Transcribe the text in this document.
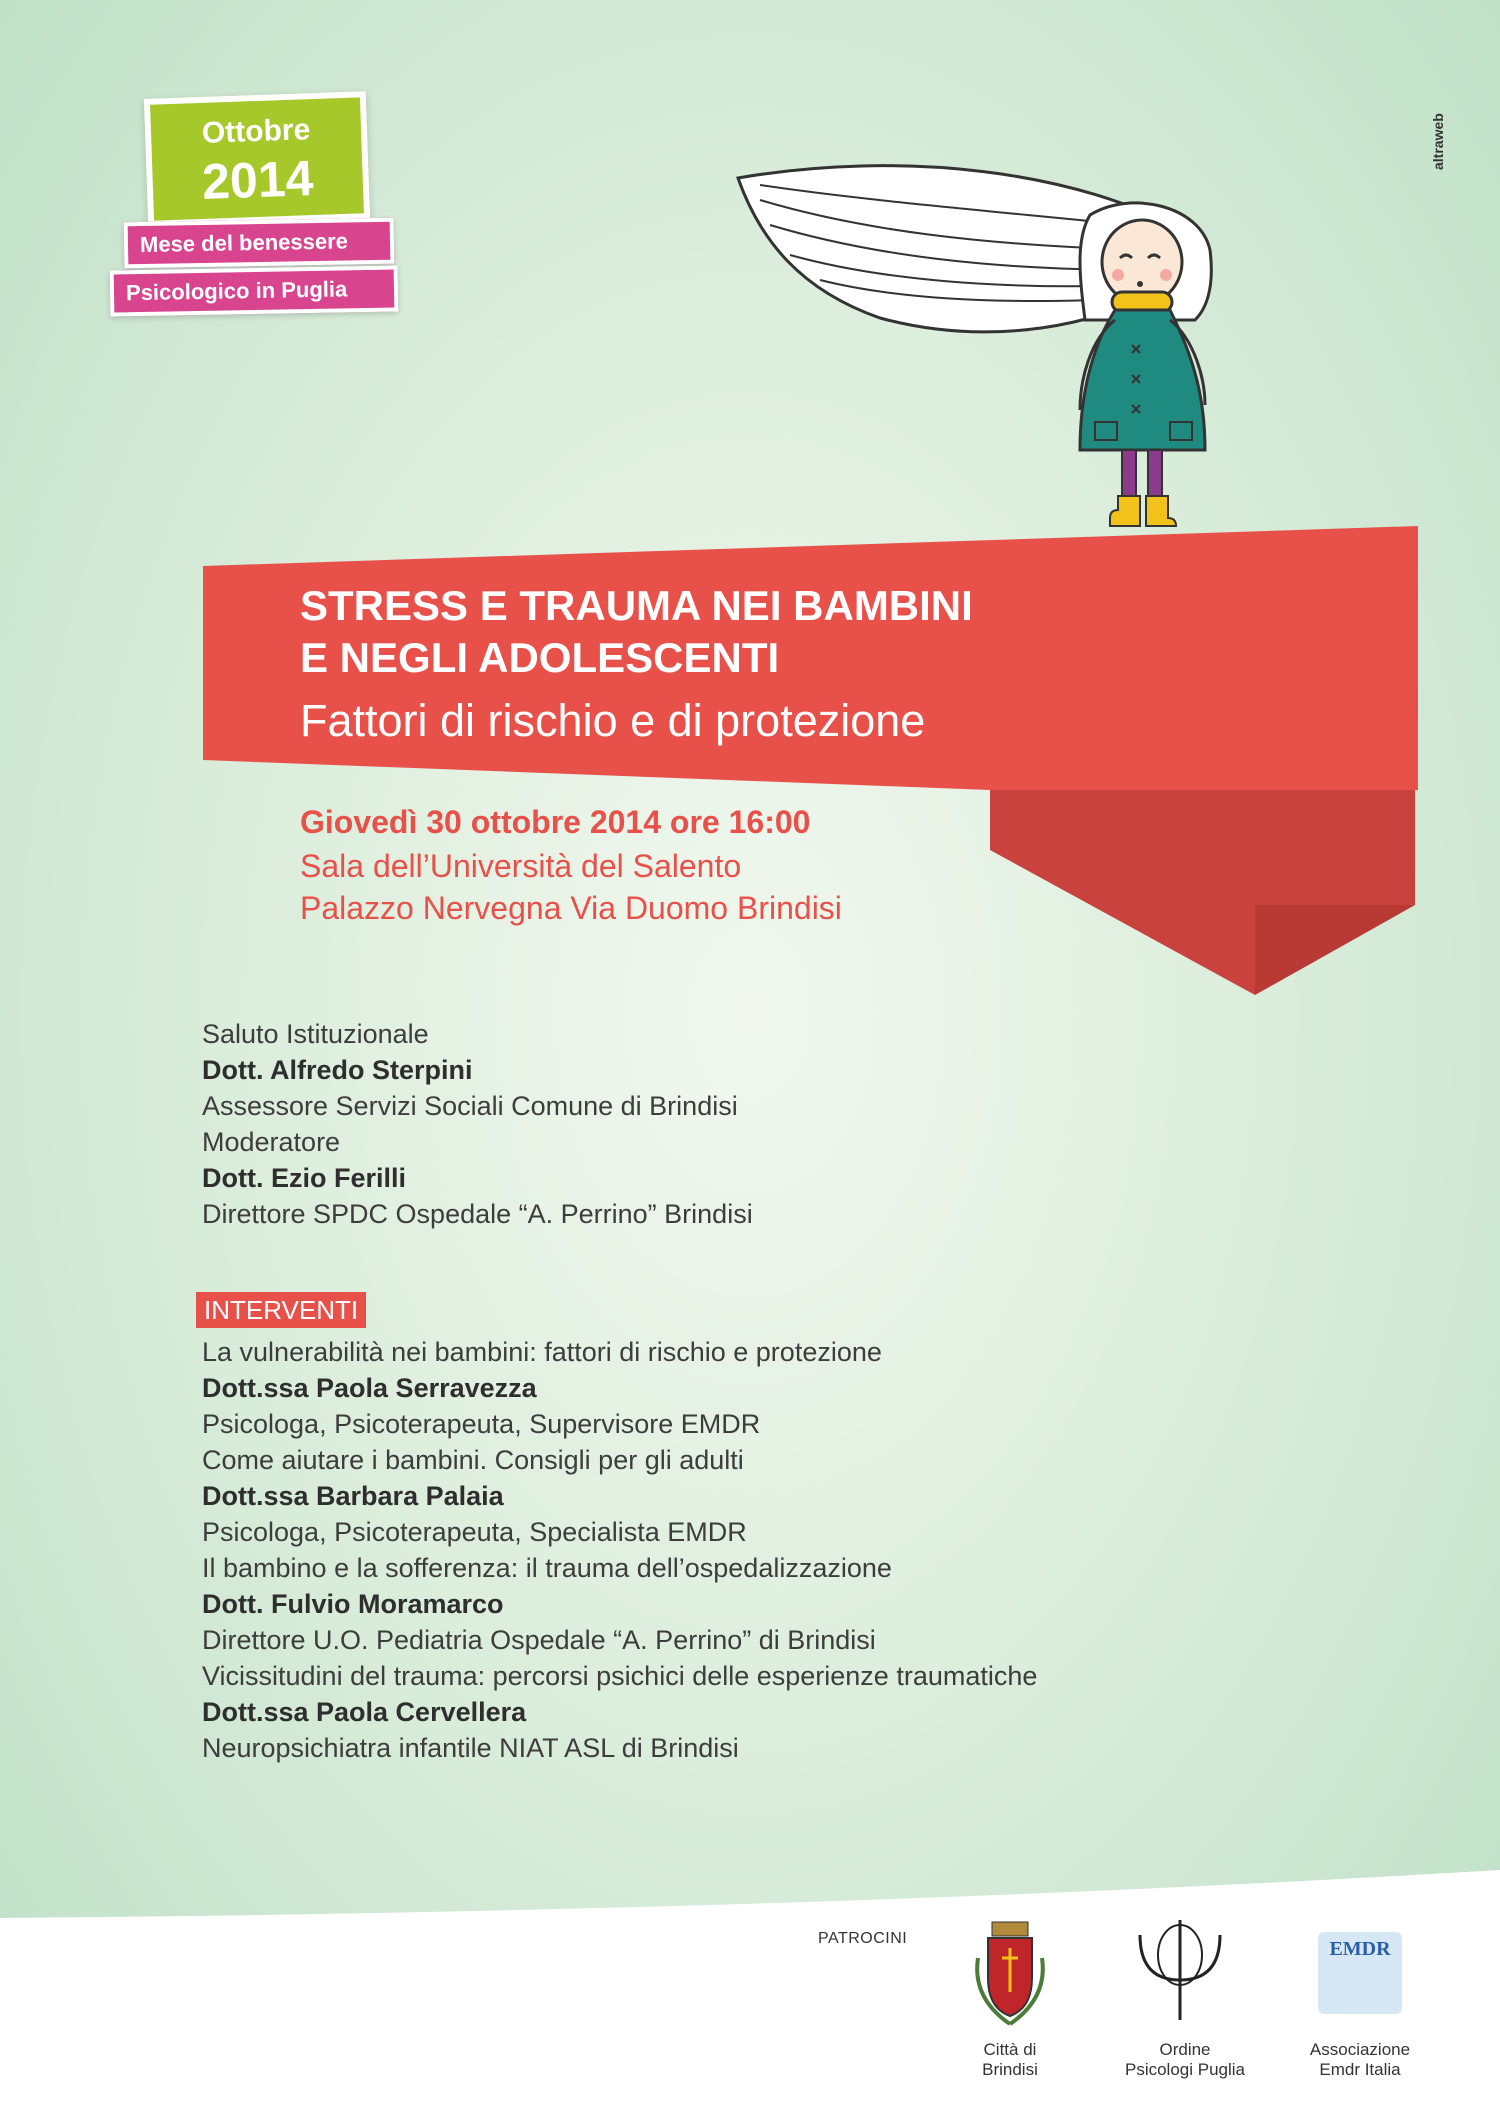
Ottobre
2014
Mese del benessere
Psicologico in Puglia
altraweb
STRESS E TRAUMA NEI BAMBINI
E NEGLI ADOLESCENTI
Fattori di rischio e di protezione
Giovedì 30 ottobre 2014 ore 16:00
Sala dell’Università del Salento
Palazzo Nervegna Via Duomo Brindisi
Saluto Istituzionale
Dott. Alfredo Sterpini
Assessore Servizi Sociali Comune di Brindisi
Moderatore
Dott. Ezio Ferilli
Direttore SPDC Ospedale “A. Perrino” Brindisi
INTERVENTI
La vulnerabilità nei bambini: fattori di rischio e protezione
Dott.ssa Paola Serravezza
Psicologa, Psicoterapeuta, Supervisore EMDR
Come aiutare i bambini. Consigli per gli adulti
Dott.ssa Barbara Palaia
Psicologa, Psicoterapeuta, Specialista EMDR
Il bambino e la sofferenza: il trauma dell’ospedalizzazione
Dott. Fulvio Moramarco
Direttore U.O. Pediatria Ospedale “A. Perrino” di Brindisi
Vicissitudini del trauma: percorsi psichici delle esperienze traumatiche
Dott.ssa Paola Cervellera
Neuropsichiatra infantile NIAT ASL di Brindisi
PATROCINI
Città di
Brindisi
Ordine
Psicologi Puglia
EMDR
Associazione
Emdr Italia
